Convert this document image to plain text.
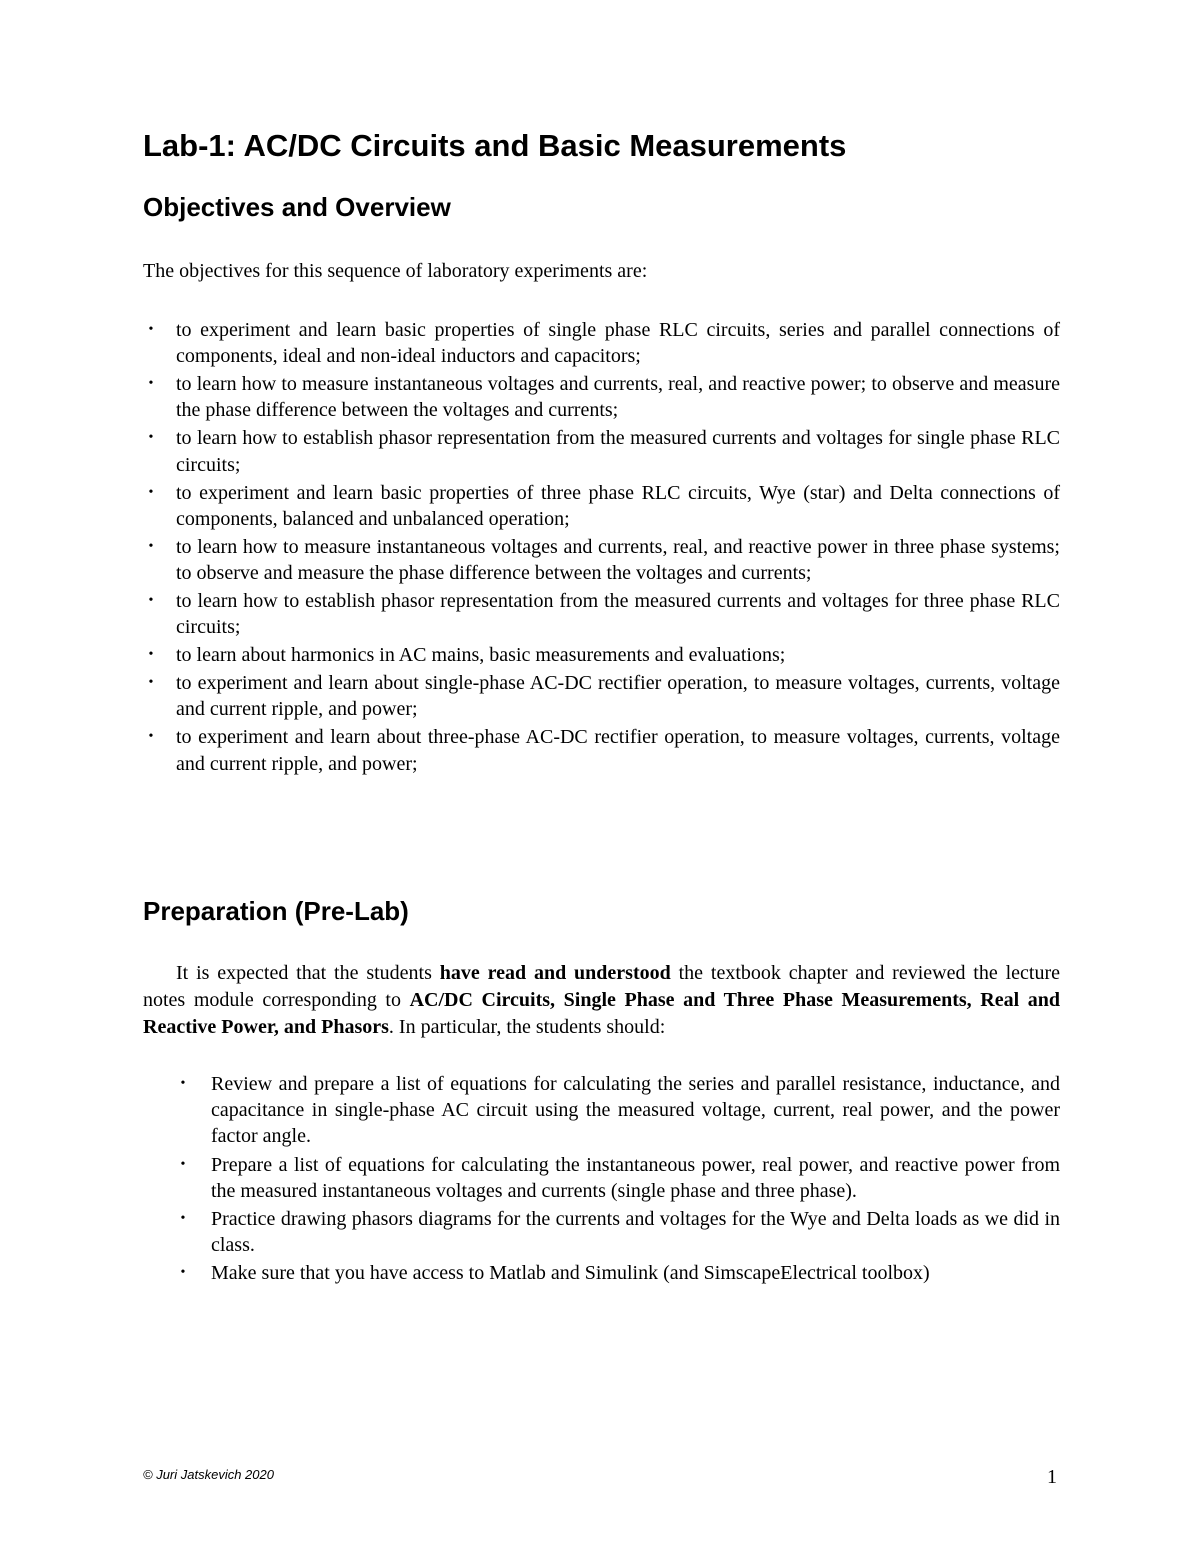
Lab-1: AC/DC Circuits and Basic Measurements
Objectives and Overview

The objectives for this sequence of laboratory experiments are:

• to experiment and learn basic properties of single phase RLC circuits, series and parallel connections of components, ideal and non-ideal inductors and capacitors;
• to learn how to measure instantaneous voltages and currents, real, and reactive power; to observe and measure the phase difference between the voltages and currents;
• to learn how to establish phasor representation from the measured currents and voltages for single phase RLC circuits;
• to experiment and learn basic properties of three phase RLC circuits, Wye (star) and Delta connections of components, balanced and unbalanced operation;
• to learn how to measure instantaneous voltages and currents, real, and reactive power in three phase systems; to observe and measure the phase difference between the voltages and currents;
• to learn how to establish phasor representation from the measured currents and voltages for three phase RLC circuits;
• to learn about harmonics in AC mains, basic measurements and evaluations;
• to experiment and learn about single-phase AC-DC rectifier operation, to measure voltages, currents, voltage and current ripple, and power;
• to experiment and learn about three-phase AC-DC rectifier operation, to measure voltages, currents, voltage and current ripple, and power;
Preparation (Pre-Lab)

It is expected that the students have read and understood the textbook chapter and reviewed the lecture notes module corresponding to AC/DC Circuits, Single Phase and Three Phase Measurements, Real and Reactive Power, and Phasors. In particular, the students should:

• Review and prepare a list of equations for calculating the series and parallel resistance, inductance, and capacitance in single-phase AC circuit using the measured voltage, current, real power, and the power factor angle.
• Prepare a list of equations for calculating the instantaneous power, real power, and reactive power from the measured instantaneous voltages and currents (single phase and three phase).
• Practice drawing phasors diagrams for the currents and voltages for the Wye and Delta loads as we did in class.
• Make sure that you have access to Matlab and Simulink (and SimscapeElectrical toolbox)

© Juri Jatskevich 2020	1
